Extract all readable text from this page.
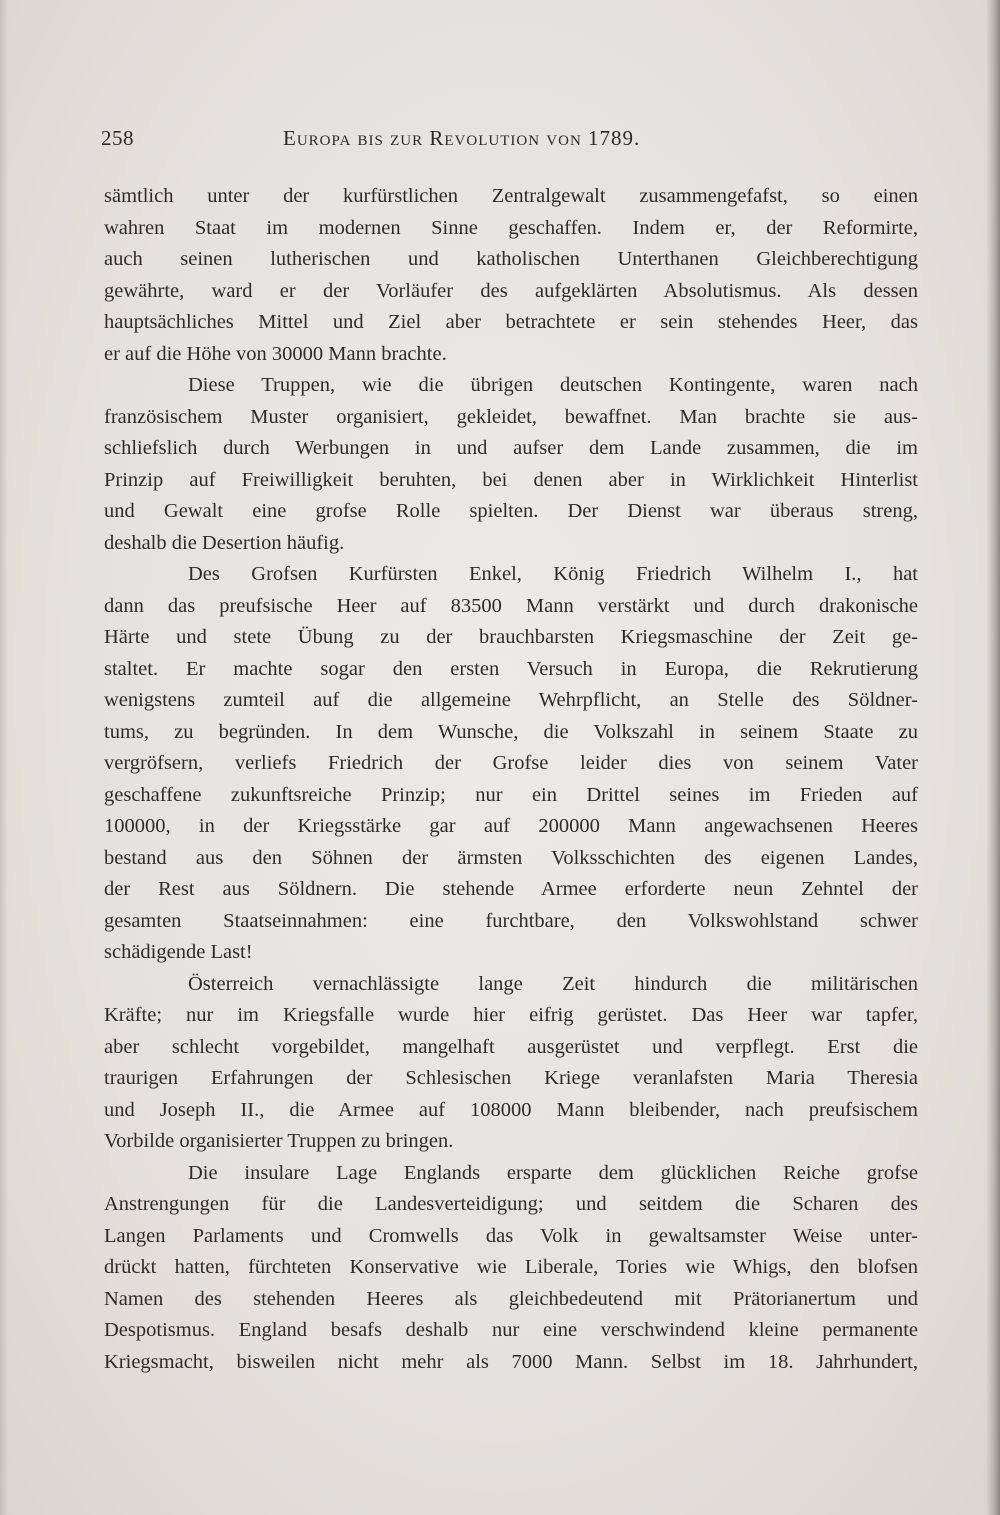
258	Europa bis zur Revolution von 1789.
sämtlich unter der kurfürstlichen Zentralgewalt zusammengefafst, so einen
wahren Staat im modernen Sinne geschaffen. Indem er, der Reformirte,
auch seinen lutherischen und katholischen Unterthanen Gleichberechtigung
gewährte, ward er der Vorläufer des aufgeklärten Absolutismus. Als dessen
hauptsächliches Mittel und Ziel aber betrachtete er sein stehendes Heer, das
er auf die Höhe von 30000 Mann brachte.
Diese Truppen, wie die übrigen deutschen Kontingente, waren nach
französischem Muster organisiert, gekleidet, bewaffnet. Man brachte sie aus-
schliefslich durch Werbungen in und aufser dem Lande zusammen, die im
Prinzip auf Freiwilligkeit beruhten, bei denen aber in Wirklichkeit Hinterlist
und Gewalt eine grofse Rolle spielten. Der Dienst war überaus streng,
deshalb die Desertion häufig.
Des Grofsen Kurfürsten Enkel, König Friedrich Wilhelm I., hat
dann das preufsische Heer auf 83500 Mann verstärkt und durch drakonische
Härte und stete Übung zu der brauchbarsten Kriegsmaschine der Zeit ge-
staltet. Er machte sogar den ersten Versuch in Europa, die Rekrutierung
wenigstens zumteil auf die allgemeine Wehrpflicht, an Stelle des Söldner-
tums, zu begründen. In dem Wunsche, die Volkszahl in seinem Staate zu
vergröfsern, verliefs Friedrich der Grofse leider dies von seinem Vater
geschaffene zukunftsreiche Prinzip; nur ein Drittel seines im Frieden auf
100000, in der Kriegsstärke gar auf 200000 Mann angewachsenen Heeres
bestand aus den Söhnen der ärmsten Volksschichten des eigenen Landes,
der Rest aus Söldnern. Die stehende Armee erforderte neun Zehntel der
gesamten Staatseinnahmen: eine furchtbare, den Volkswohlstand schwer
schädigende Last!
Österreich vernachlässigte lange Zeit hindurch die militärischen
Kräfte; nur im Kriegsfalle wurde hier eifrig gerüstet. Das Heer war tapfer,
aber schlecht vorgebildet, mangelhaft ausgerüstet und verpflegt. Erst die
traurigen Erfahrungen der Schlesischen Kriege veranlafsten Maria Theresia
und Joseph II., die Armee auf 108000 Mann bleibender, nach preufsischem
Vorbilde organisierter Truppen zu bringen.
Die insulare Lage Englands ersparte dem glücklichen Reiche grofse
Anstrengungen für die Landesverteidigung; und seitdem die Scharen des
Langen Parlaments und Cromwells das Volk in gewaltsamster Weise unter-
drückt hatten, fürchteten Konservative wie Liberale, Tories wie Whigs, den blofsen
Namen des stehenden Heeres als gleichbedeutend mit Prätorianertum und
Despotismus. England besafs deshalb nur eine verschwindend kleine permanente
Kriegsmacht, bisweilen nicht mehr als 7000 Mann. Selbst im 18. Jahrhundert,
